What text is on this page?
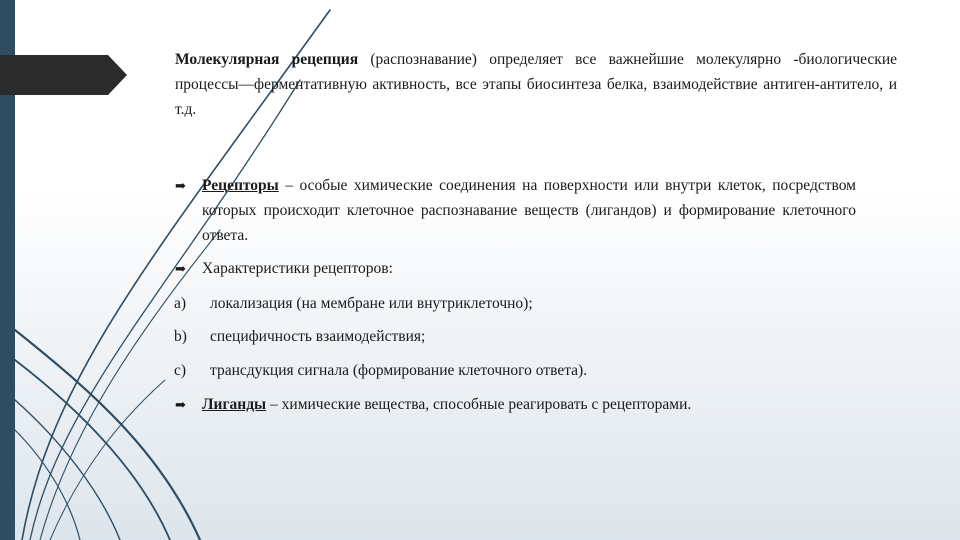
Молекулярная рецепция (распознавание) определяет все важнейшие молекулярно -биологические процессы—ферментативную активность, все этапы биосинтеза белка, взаимодействие антиген-антитело, и т.д.
➡ Рецепторы – особые химические соединения на поверхности или внутри клеток, посредством которых происходит клеточное распознавание веществ (лигандов) и формирование клеточного ответа.
➡ Характеристики рецепторов:
a) локализация (на мембране или внутриклеточно);
b) специфичность взаимодействия;
c) трансдукция сигнала (формирование клеточного ответа).
➡ Лиганды – химические вещества, способные реагировать с рецепторами.
